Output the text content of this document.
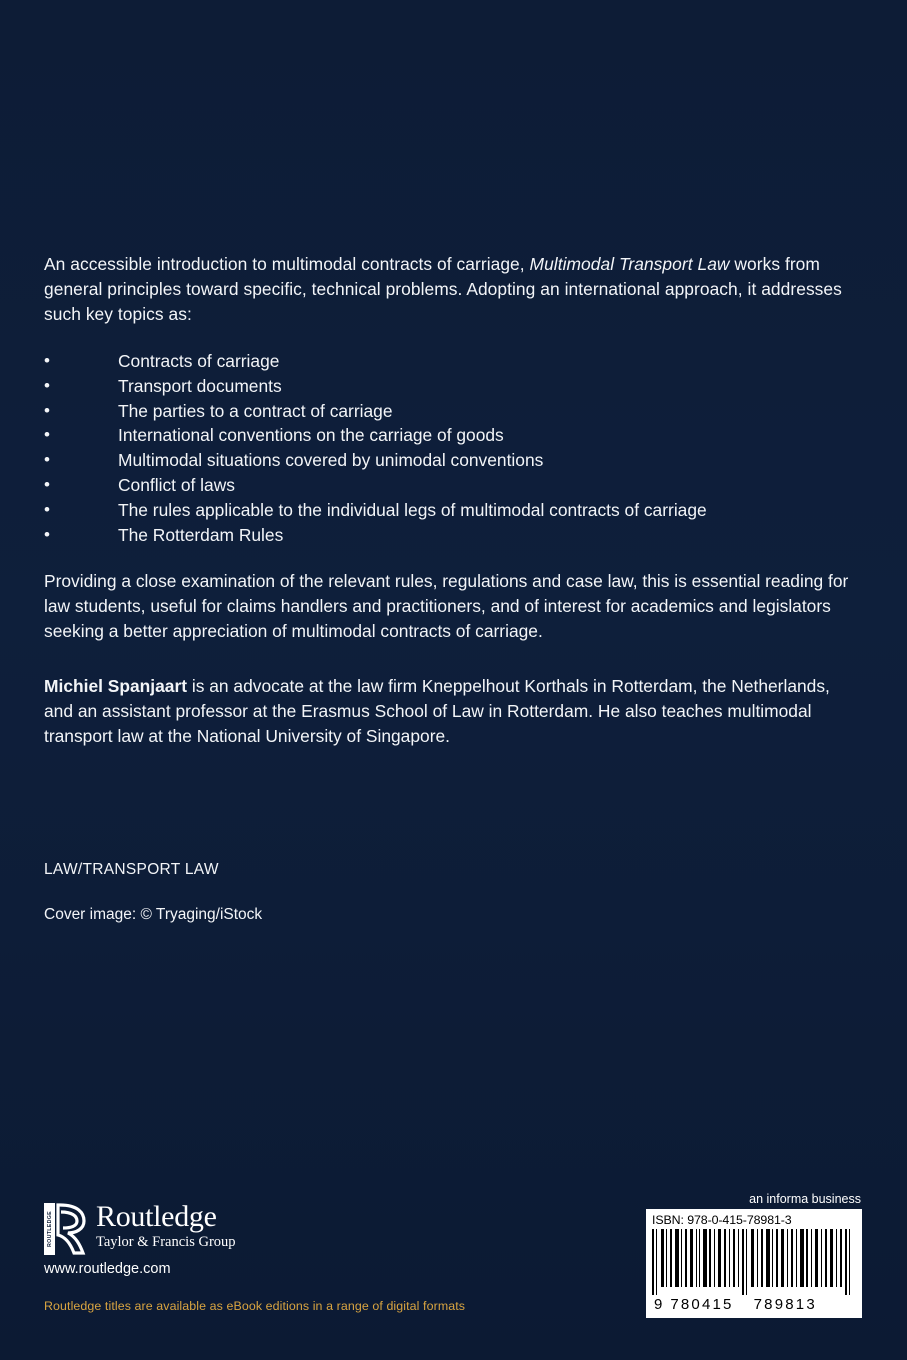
An accessible introduction to multimodal contracts of carriage, Multimodal Transport Law works from general principles toward specific, technical problems. Adopting an international approach, it addresses such key topics as:

• Contracts of carriage
• Transport documents
• The parties to a contract of carriage
• International conventions on the carriage of goods
• Multimodal situations covered by unimodal conventions
• Conflict of laws
• The rules applicable to the individual legs of multimodal contracts of carriage
• The Rotterdam Rules

Providing a close examination of the relevant rules, regulations and case law, this is essential reading for law students, useful for claims handlers and practitioners, and of interest for academics and legislators seeking a better appreciation of multimodal contracts of carriage.

Michiel Spanjaart is an advocate at the law firm Kneppelhout Korthals in Rotterdam, the Netherlands, and an assistant professor at the Erasmus School of Law in Rotterdam. He also teaches multimodal transport law at the National University of Singapore.

LAW/TRANSPORT LAW
Cover image: © Tryaging/iStock
ROUTLEDGE Routledge
Taylor & Francis Group
www.routledge.com
Routledge titles are available as eBook editions in a range of digital formats
an informa business
ISBN: 978-0-415-78981-3
9 780415 789813
